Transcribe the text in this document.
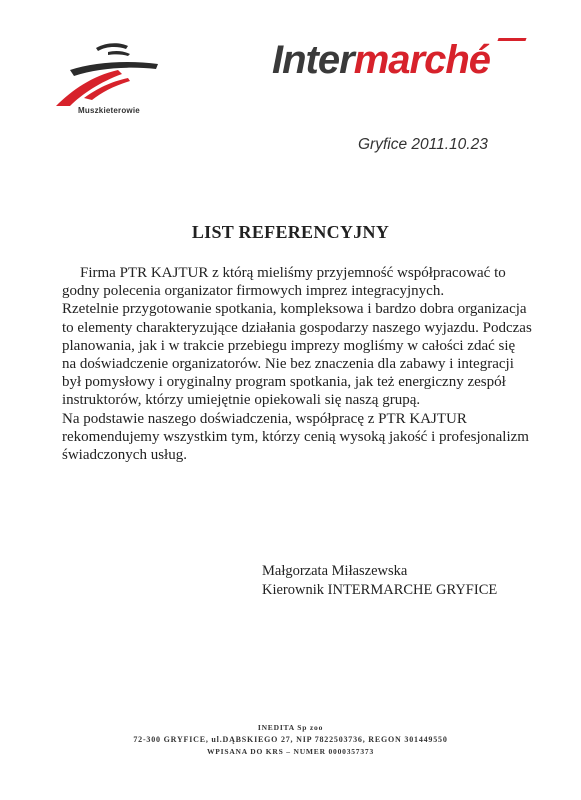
Muszkieterowie
Intermarché
Gryfice 2011.10.23
LIST REFERENCYJNY

Firma PTR KAJTUR z którą mieliśmy przyjemność współpracować to godny polecenia organizator firmowych imprez integracyjnych.

Rzetelnie przygotowanie spotkania, kompleksowa i bardzo dobra organizacja to elementy charakteryzujące działania gospodarzy naszego wyjazdu. Podczas planowania, jak i w trakcie przebiegu imprezy mogliśmy w całości zdać się na doświadczenie organizatorów. Nie bez znaczenia dla zabawy i integracji był pomysłowy i oryginalny program spotkania, jak też energiczny zespół instruktorów, którzy umiejętnie opiekowali się naszą grupą.

Na podstawie naszego doświadczenia, współpracę z PTR KAJTUR rekomendujemy wszystkim tym, którzy cenią wysoką jakość i profesjonalizm świadczonych usług.

Małgorzata Miłaszewska
Kierownik INTERMARCHE GRYFICE
INEDITA Sp zoo
72-300 GRYFICE, ul.DĄBSKIEGO 27, NIP 7822503736, REGON 301449550
WPISANA DO KRS – NUMER 0000357373
